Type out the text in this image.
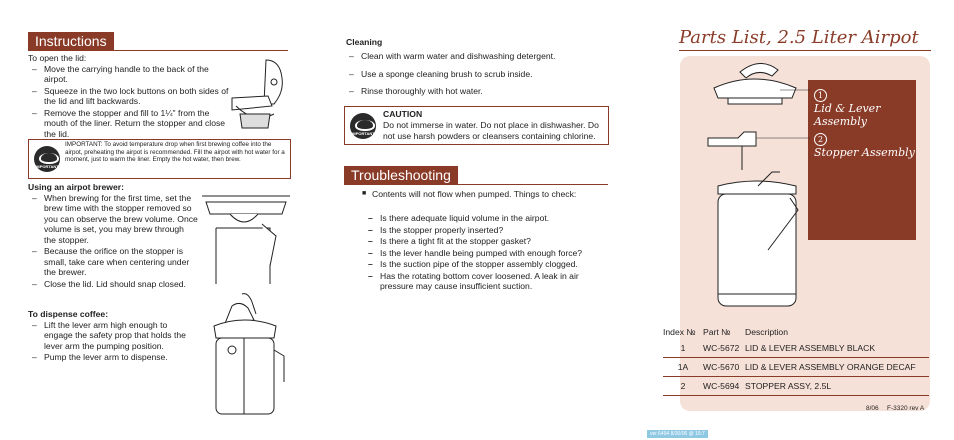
Instructions
To open the lid:
– Move the carrying handle to the back of the airpot.
– Squeeze in the two lock buttons on both sides of the lid and lift backwards.
– Remove the stopper and fill to 1¼" from the mouth of the liner. Return the stopper and close the lid.
IMPORTANT
IMPORTANT: To avoid temperature drop when first brewing coffee into the airpot, preheating the airpot is recommended. Fill the airpot with hot water for a moment, just to warm the liner. Empty the hot water, then brew.
Using an airpot brewer:
– When brewing for the first time, set the brew time with the stopper removed so you can observe the brew volume. Once volume is set, you may brew through the stopper.
– Because the orifice on the stopper is small, take care when centering under the brewer.
– Close the lid. Lid should snap closed.
To dispense coffee:
– Lift the lever arm high enough to engage the safety prop that holds the lever arm the pumping position.
– Pump the lever arm to dispense.
Cleaning
– Clean with warm water and dishwashing detergent.
– Use a sponge cleaning brush to scrub inside.
– Rinse thoroughly with hot water.
IMPORTANT
CAUTION
Do not immerse in water. Do not place in dishwasher. Do not use harsh powders or cleansers containing chlorine.
Troubleshooting
■ Contents will not flow when pumped. Things to check:
– Is there adequate liquid volume in the airpot.
– Is the stopper properly inserted?
– Is there a tight fit at the stopper gasket?
– Is the lever handle being pumped with enough force?
– Is the suction pipe of the stopper assembly clogged.
– Has the rotating bottom cover loosened. A leak in air pressure may cause insufficient suction.
Parts List, 2.5 Liter Airpot
1
Lid & Lever Assembly
2
Stopper Assembly
Index №	Part №	Description
1	WC-5672	LID & LEVER ASSEMBLY BLACK
1A	WC-5670	LID & LEVER ASSEMBLY ORANGE DECAF
2	WC-5694	STOPPER ASSY, 2.5L
8/06 F-3320 rev A
ver.6494 8/30/06 @ 15:7
